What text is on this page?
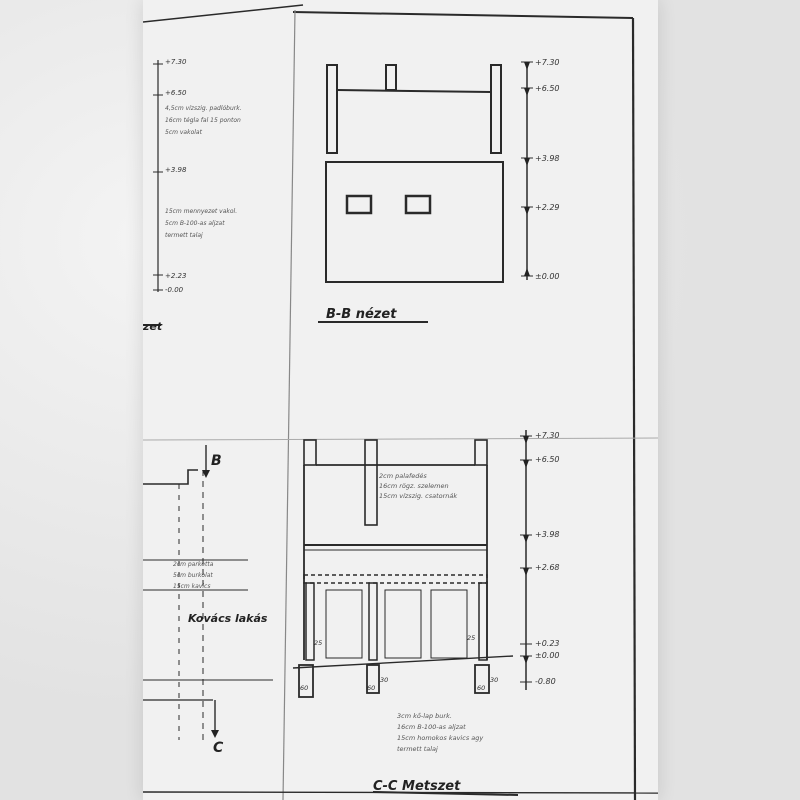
B-B nézet
C-C Metszet
Kovács lakás
zet
B
C
+7.30
+6.50
+3.98
+2.29
±0.00
+7.30
+6.50
+3.98
+2.68
+0.23
±0.00
-0.80
+7.30
+6.50
+3.98
+2.23
-0.00
2cm palafedés
16cm rögz. szelemen
15cm vízszig. csatornák
25
25
30	30
60	60	60
3cm kő-lap burk.
16cm B-100-as aljzat
15cm homokos kavics agy
termett talaj
4,5cm vízszig. padlóburk.
16cm tégla fal 15 ponton
5cm vakolat
15cm mennyezet vakol.
5cm B-100-as aljzat
termett talaj
2cm parketta
5cm burkolat
15cm kavics
